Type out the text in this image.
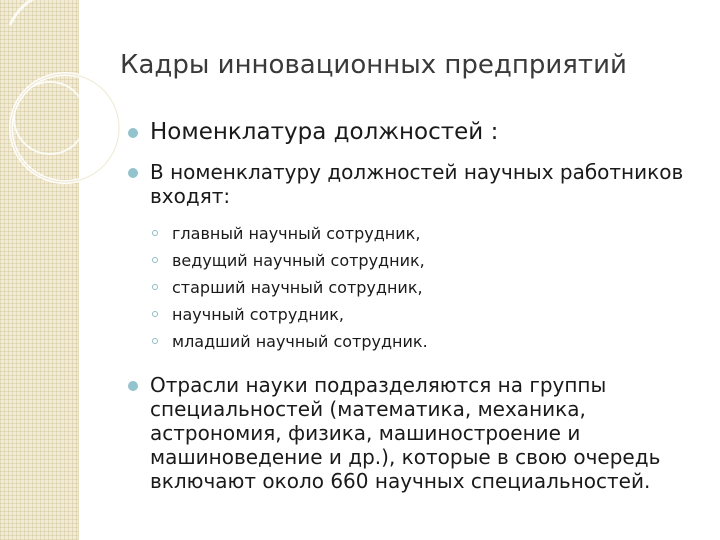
Кадры инновационных предприятий
Номенклатура должностей :
В номенклатуру должностей научных работников входят:
главный научный сотрудник,
ведущий научный сотрудник,
старший научный сотрудник,
научный сотрудник,
младший научный сотрудник.
Отрасли науки подразделяются на группы специальностей (математика, механика, астрономия, физика, машиностроение и машиноведение и др.), которые в свою очередь включают около 660 научных специальностей.
